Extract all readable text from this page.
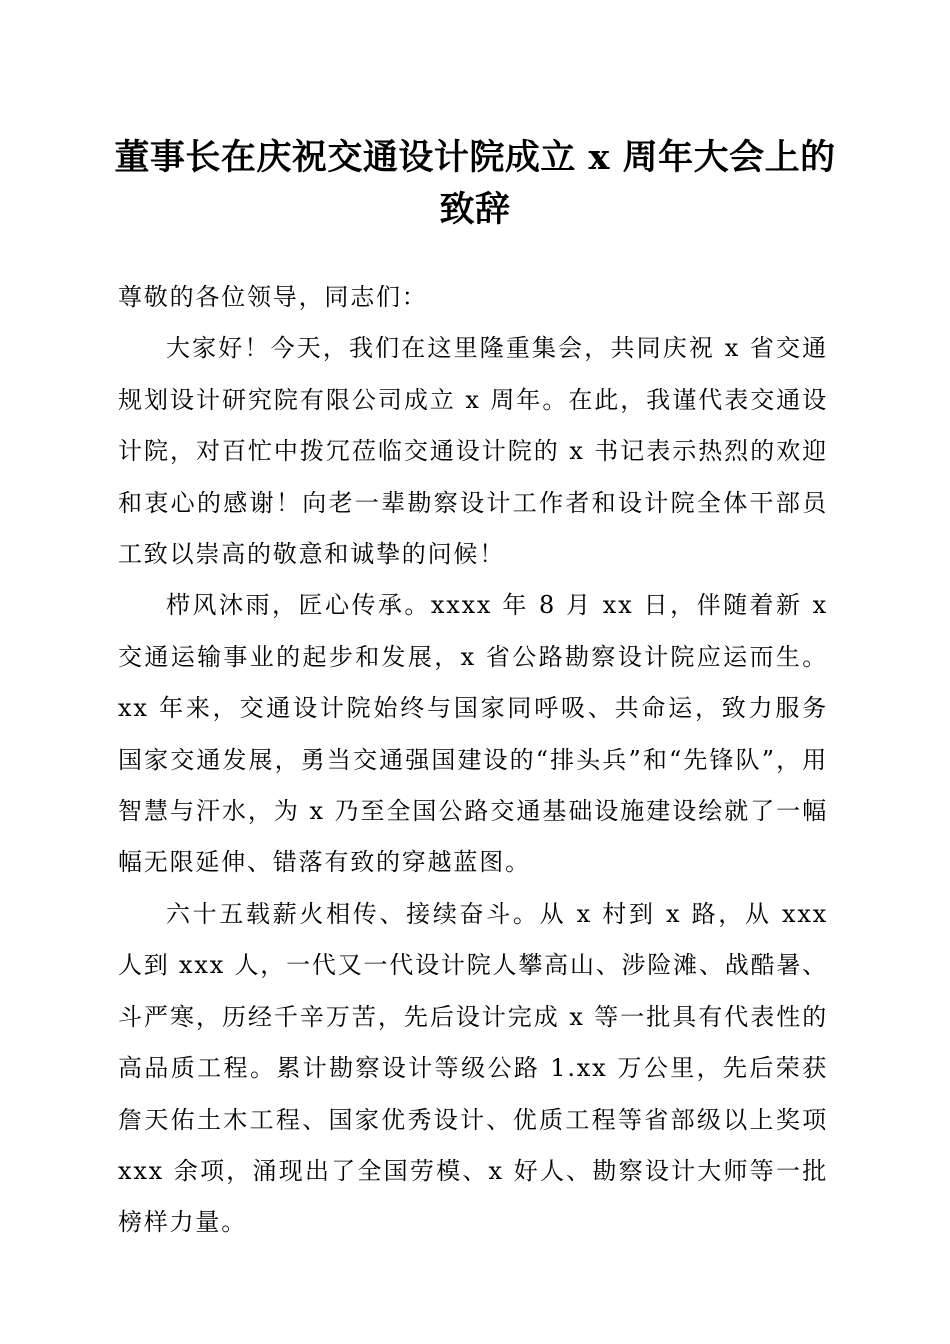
董事长在庆祝交通设计院成立 x 周年大会上的
致辞

尊敬的各位领导，同志们：

大家好！今天，我们在这里隆重集会，共同庆祝 x 省交通规划设计研究院有限公司成立 x 周年。在此，我谨代表交通设计院，对百忙中拨冗莅临交通设计院的 x 书记表示热烈的欢迎和衷心的感谢！向老一辈勘察设计工作者和设计院全体干部员工致以崇高的敬意和诚挚的问候！

栉风沐雨，匠心传承。xxxx 年 8 月 xx 日，伴随着新 x 交通运输事业的起步和发展，x 省公路勘察设计院应运而生。xx 年来，交通设计院始终与国家同呼吸、共命运，致力服务国家交通发展，勇当交通强国建设的“排头兵”和“先锋队”，用智慧与汗水，为 x 乃至全国公路交通基础设施建设绘就了一幅幅无限延伸、错落有致的穿越蓝图。

六十五载薪火相传、接续奋斗。从 x 村到 x 路，从 xxx 人到 xxx 人，一代又一代设计院人攀高山、涉险滩、战酷暑、斗严寒，历经千辛万苦，先后设计完成 x 等一批具有代表性的高品质工程。累计勘察设计等级公路 1.xx 万公里，先后荣获詹天佑土木工程、国家优秀设计、优质工程等省部级以上奖项 xxx 余项，涌现出了全国劳模、x 好人、勘察设计大师等一批榜样力量。
